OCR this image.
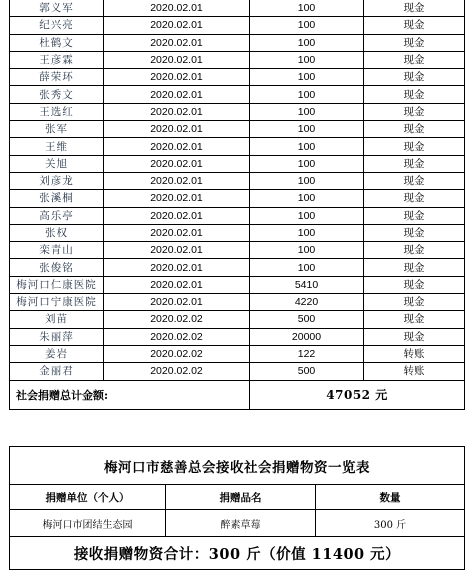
郭义军	2020.02.01	100	现金
纪兴亮	2020.02.01	100	现金
杜鹤文	2020.02.01	100	现金
王彦霖	2020.02.01	100	现金
薛荣环	2020.02.01	100	现金
张秀文	2020.02.01	100	现金
王选红	2020.02.01	100	现金
张军	2020.02.01	100	现金
王维	2020.02.01	100	现金
关旭	2020.02.01	100	现金
刘彦龙	2020.02.01	100	现金
张溪桐	2020.02.01	100	现金
高乐亭	2020.02.01	100	现金
张权	2020.02.01	100	现金
栾青山	2020.02.01	100	现金
张俊铭	2020.02.01	100	现金
梅河口仁康医院	2020.02.01	5410	现金
梅河口宁康医院	2020.02.01	4220	现金
刘苗	2020.02.02	500	现金
朱丽萍	2020.02.02	20000	现金
姜岩	2020.02.02	122	转账
金丽君	2020.02.02	500	转账
社会捐赠总计金额:		47052 元	
梅河口市慈善总会接收社会捐赠物资一览表		
捐赠单位（个人）	捐赠品名	数量
梅河口市团结生态园	醉素草莓	300 斤
接收捐赠物资合计：300 斤（价值 11400 元）		
